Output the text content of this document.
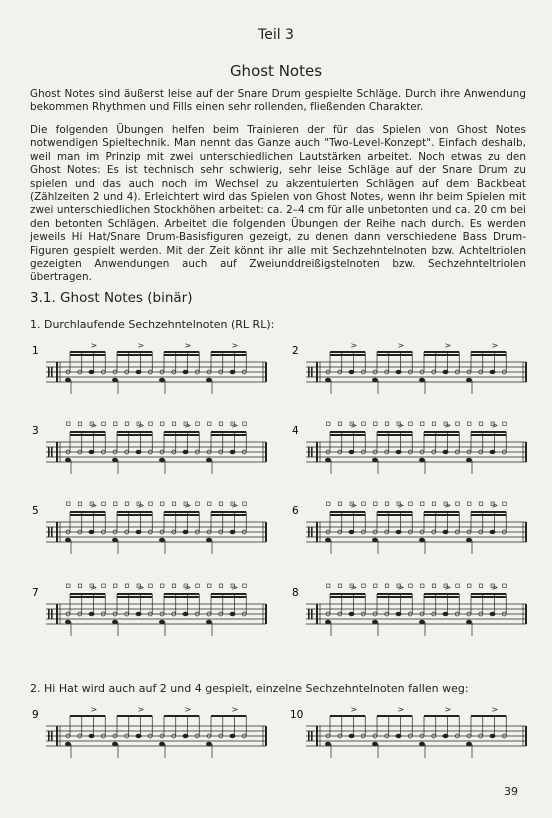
Teil 3
Ghost Notes
Ghost Notes sind äußerst leise auf der Snare Drum gespielte Schläge. Durch ihre Anwendung bekommen Rhythmen und Fills einen sehr rollenden, fließenden Charakter.
Die folgenden Übungen helfen beim Trainieren der für das Spielen von Ghost Notes notwendigen Spieltechnik. Man nennt das Ganze auch "Two-Level-Konzept". Einfach deshalb, weil man im Prinzip mit zwei unterschiedlichen Lautstärken arbeitet. Noch etwas zu den Ghost Notes: Es ist technisch sehr schwierig, sehr leise Schläge auf der Snare Drum zu spielen und das auch noch im Wechsel zu akzentuierten Schlägen auf dem Backbeat (Zählzeiten 2 und 4). Erleichtert wird das Spielen von Ghost Notes, wenn ihr beim Spielen mit zwei unterschiedlichen Stockhöhen arbeitet: ca. 2–4 cm für alle unbetonten und ca. 20 cm bei den betonten Schlägen. Arbeitet die folgenden Übungen der Reihe nach durch. Es werden jeweils Hi Hat/Snare Drum-Basisfiguren gezeigt, zu denen dann verschiedene Bass Drum-Figuren gespielt werden. Mit der Zeit könnt ihr alle mit Sechzehntelnoten bzw. Achteltriolen gezeigten Anwendungen auch auf Zweiunddreißigstelnoten bzw. Sechzehnteltriolen übertragen.
3.1. Ghost Notes (binär)
1. Durchlaufende Sechzehntelnoten (RL RL):
2. Hi Hat wird auch auf 2 und 4 gespielt, einzelne Sechzehntelnoten fallen weg:
1	>	>	>	>	2	>	>	>	>
3	>	>	>	>	4	>	>	>	>
5	>	>	>	>	6	>	>	>	>
7	>	>	>	>	8	>	>	>	>
9	>	>	>	>	10	>	>	>	>
39
